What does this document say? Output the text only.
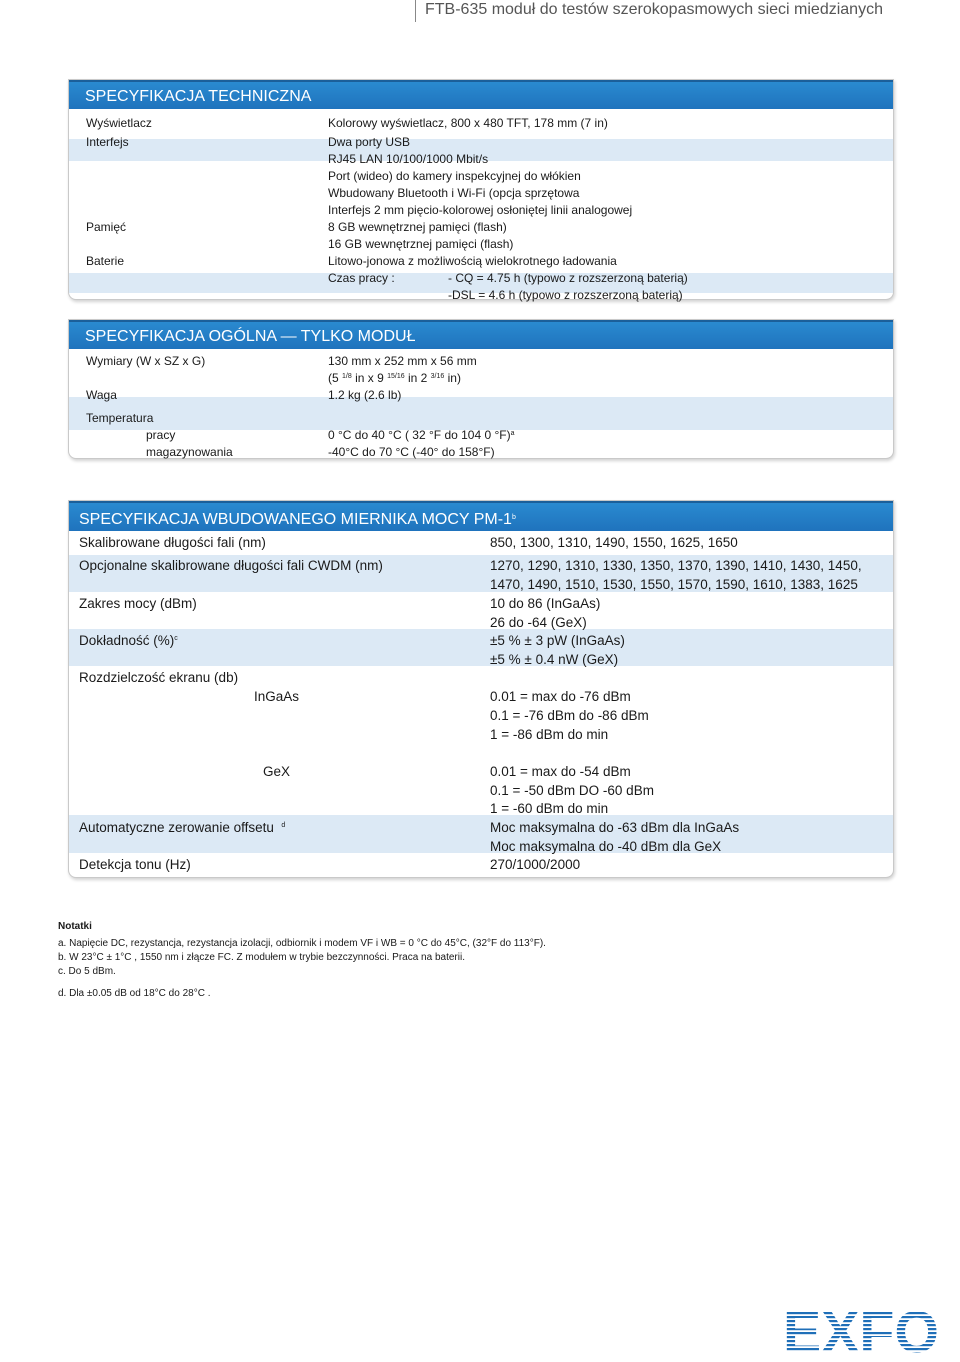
FTB-635 moduł do testów szerokopasmowych sieci miedzianych
SPECYFIKACJA TECHNICZNA
Wyświetlacz	Kolorowy wyświetlacz, 800 x 480 TFT, 178 mm (7 in)
Interfejs	Dwa porty USB
RJ45 LAN 10/100/1000 Mbit/s
Port (wideo) do kamery inspekcyjnej do włókien
Wbudowany Bluetooth i Wi-Fi (opcja sprzętowa
Interfejs 2 mm pięcio-kolorowej osłoniętej linii analogowej
Pamięć	8 GB wewnętrznej pamięci (flash)
16 GB wewnętrznej pamięci (flash)
Baterie	Litowo-jonowa z możliwością wielokrotnego ładowania
Czas pracy :	- CQ = 4.75 h (typowo z rozszerzoną baterią)
-DSL = 4.6 h (typowo z rozszerzoną baterią)
SPECYFIKACJA OGÓLNA — TYLKO MODUŁ
Wymiary (W x SZ x G)	130 mm x 252 mm x 56 mm
(5 $^{1/8}$ in x 9 $^{15/16}$ in 2 $^{3/16}$ in)
Waga	1.2 kg (2.6 lb)
Temperatura
pracy	0 °C do 40 °C ( 32 °F do 104 0 °F)$^a$
magazynowania	-40°C do 70 °C (-40° do 158°F)
SPECYFIKACJA WBUDOWANEGO MIERNIKA MOCY PM-1$^b$
Skalibrowane długości fali (nm)	850, 1300, 1310, 1490, 1550, 1625, 1650
Opcjonalne skalibrowane długości fali CWDM (nm)	1270, 1290, 1310, 1330, 1350, 1370, 1390, 1410, 1430, 1450,
1470, 1490, 1510, 1530, 1550, 1570, 1590, 1610, 1383, 1625
Zakres mocy (dBm)	10 do 86 (InGaAs)
26 do -64 (GeX)
Dokładność (%)$^c$	±5 % ± 3 pW (InGaAs)
±5 % ± 0.4 nW (GeX)
Rozdzielczość ekranu (db)
InGaAs	0.01 = max do -76 dBm
0.1 = -76 dBm do -86 dBm
1 = -86 dBm do min
GeX	0.01 = max do -54 dBm
0.1 = -50 dBm DO -60 dBm
1 = -60 dBm do min
Automatyczne zerowanie offsetu $^d$	Moc maksymalna do -63 dBm dla InGaAs
Moc maksymalna do -40 dBm dla GeX
Detekcja tonu (Hz)	270/1000/2000
Notatki
a. Napięcie DC, rezystancja, rezystancja izolacji, odbiornik i modem VF i WB = 0 °C do 45°C, (32°F do 113°F).
b. W 23°C ± 1°C , 1550 nm i złącze FC. Z modułem w trybie bezczynności. Praca na baterii.
c. Do 5 dBm.
d. Dla ±0.05 dB od 18°C do 28°C .
EXFO
